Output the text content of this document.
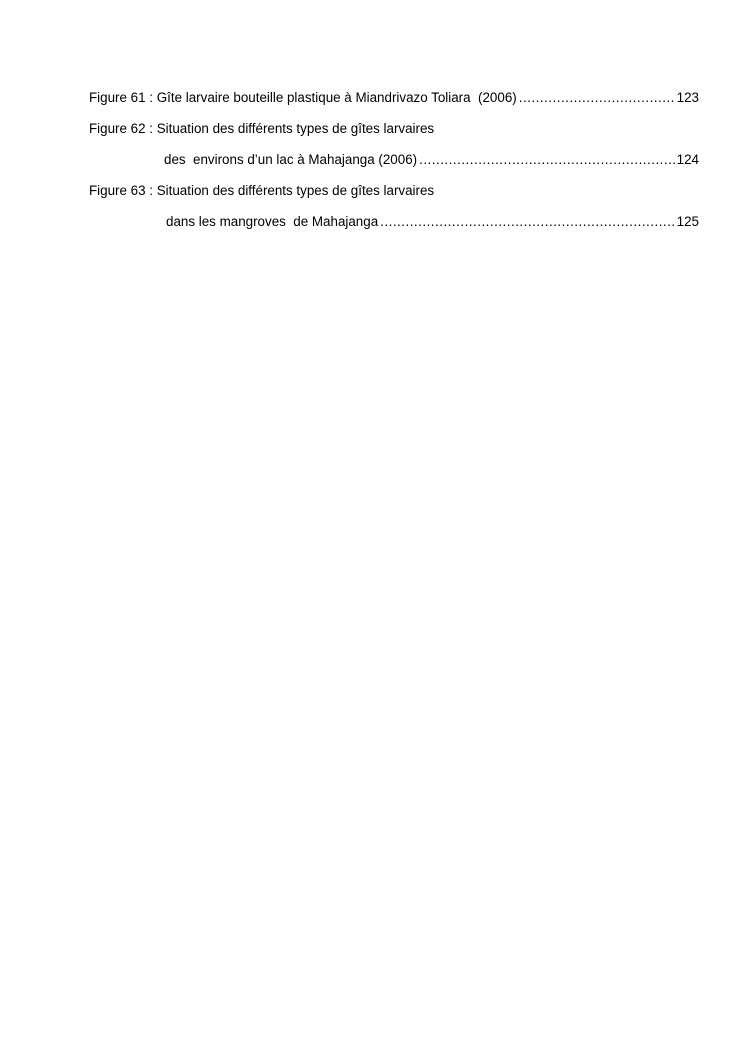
Figure 61 : Gîte larvaire bouteille plastique à Miandrivazo Toliara  (2006) .....	123
Figure 62 : Situation des différents types de gîtes larvaires
des  environs d’un lac à Mahajanga (2006) .....	124
Figure 63 : Situation des différents types de gîtes larvaires
dans les mangroves  de Mahajanga .....	125
